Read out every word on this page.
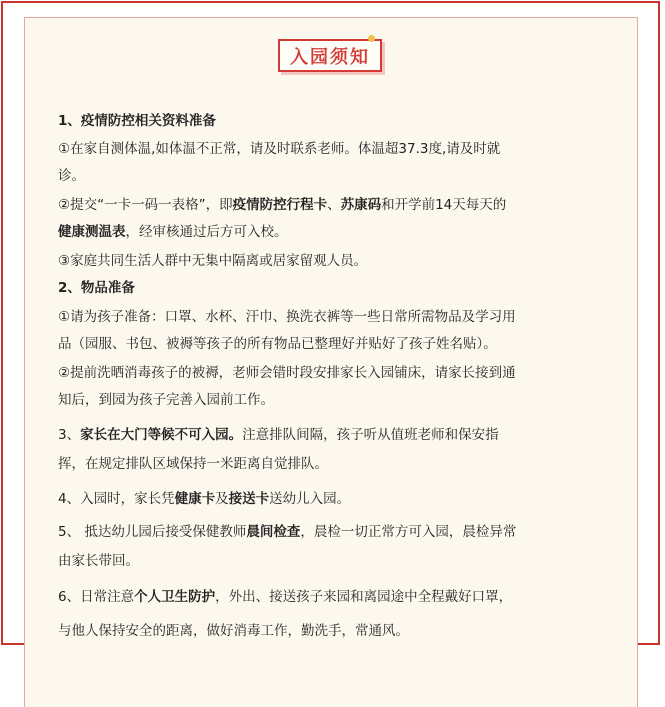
入园须知
1、疫情防控相关资料准备
①在家自测体温,如体温不正常，请及时联系老师。体温超37.3度,请及时就
诊。
②提交“一卡一码一表格”，即疫情防控行程卡、苏康码和开学前14天每天的
健康测温表，经审核通过后方可入校。
③家庭共同生活人群中无集中隔离或居家留观人员。
2、物品准备
①请为孩子准备：口罩、水杯、汗巾、换洗衣裤等一些日常所需物品及学习用
品（园服、书包、被褥等孩子的所有物品已整理好并贴好了孩子姓名贴）。
②提前洗晒消毒孩子的被褥，老师会错时段安排家长入园铺床，请家长接到通
知后，到园为孩子完善入园前工作。
3、家长在大门等候不可入园。注意排队间隔，孩子听从值班老师和保安指
挥，在规定排队区域保持一米距离自觉排队。
4、入园时，家长凭健康卡及接送卡送幼儿入园。
5、 抵达幼儿园后接受保健教师晨间检查，晨检一切正常方可入园，晨检异常
由家长带回。
6、日常注意个人卫生防护，外出、接送孩子来园和离园途中全程戴好口罩，
与他人保持安全的距离，做好消毒工作，勤洗手，常通风。
